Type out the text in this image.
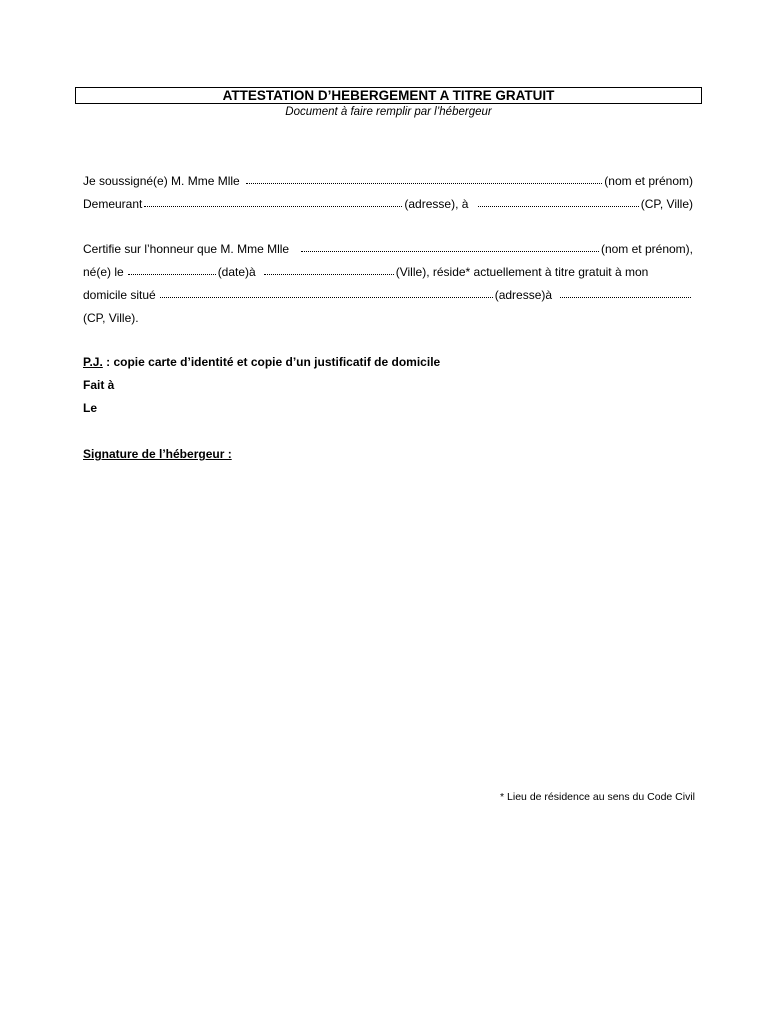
ATTESTATION D’HEBERGEMENT A TITRE GRATUIT
Document à faire remplir par l’hébergeur
Je soussigné(e) M. Mme Mlle	(nom et prénom)
Demeurant	(adresse) , à	(CP, Ville)
Certifie sur l’honneur que M. Mme Mlle	(nom et prénom) ,
né(e) le	(date) à	(Ville) , réside* actuellement à titre gratuit à mon
domicile situé	(adresse) à
(CP, Ville) .
P.J. : copie carte d’identité et copie d’un justificatif de domicile
Fait à
Le
Signature de l’hébergeur :
* Lieu de résidence au sens du Code Civil
